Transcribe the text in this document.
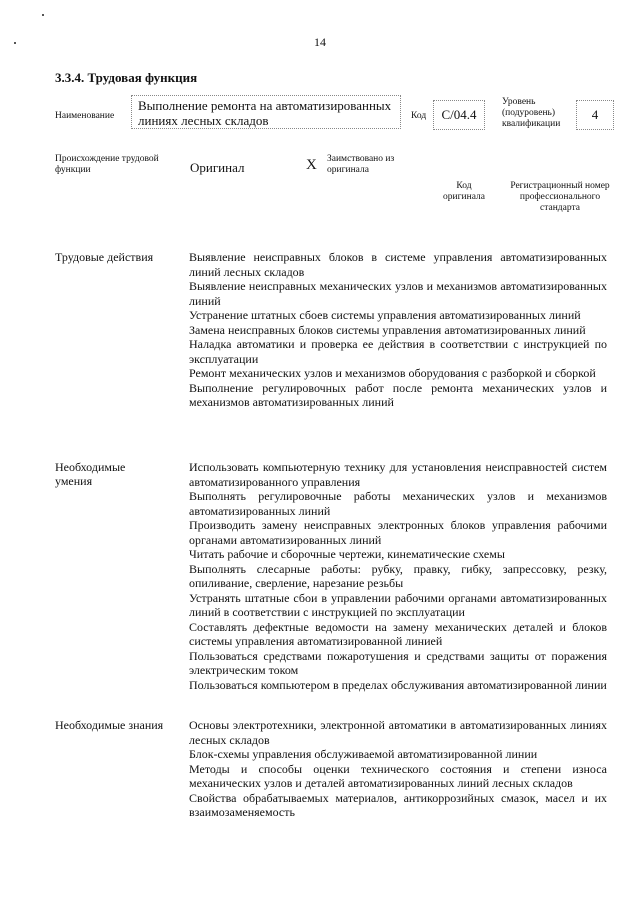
14
3.3.4. Трудовая функция
Наименование
Выполнение ремонта на автоматизированных линиях лесных складов	Код	С/04.4
Уровень (подуровень) квалификации
4
Происхождение трудовой функции	Оригинал	Х Заимствовано из оригинала
Код оригинала
Регистрационный номер профессионального стандарта
Трудовые действия	Выявление неисправных блоков в системе управления автоматизированных линий лесных складов
Выявление неисправных механических узлов и механизмов автоматизированных линий
Устранение штатных сбоев системы управления автоматизированных линий
Замена неисправных блоков системы управления автоматизированных линий
Наладка автоматики и проверка ее действия в соответствии с инструкцией по эксплуатации
Ремонт механических узлов и механизмов оборудования с разборкой и сборкой
Выполнение регулировочных работ после ремонта механических узлов и механизмов автоматизированных линий
Необходимые умения
Использовать компьютерную технику для установления неисправностей систем автоматизированного управления
Выполнять регулировочные работы механических узлов и механизмов автоматизированных линий
Производить замену неисправных электронных блоков управления рабочими органами автоматизированных линий
Читать рабочие и сборочные чертежи, кинематические схемы
Выполнять слесарные работы: рубку, правку, гибку, запрессовку, резку, опиливание, сверление, нарезание резьбы
Устранять штатные сбои в управлении рабочими органами автоматизированных линий в соответствии с инструкцией по эксплуатации
Составлять дефектные ведомости на замену механических деталей и блоков системы управления автоматизированной линией
Пользоваться средствами пожаротушения и средствами защиты от поражения электрическим током
Пользоваться компьютером в пределах обслуживания автоматизированной линии
Необходимые знания	Основы электротехники, электронной автоматики в автоматизированных линиях лесных складов
Блок-схемы управления обслуживаемой автоматизированной линии
Методы и способы оценки технического состояния и степени износа механических узлов и деталей автоматизированных линий лесных складов
Свойства обрабатываемых материалов, антикоррозийных смазок, масел и их взаимозаменяемость
